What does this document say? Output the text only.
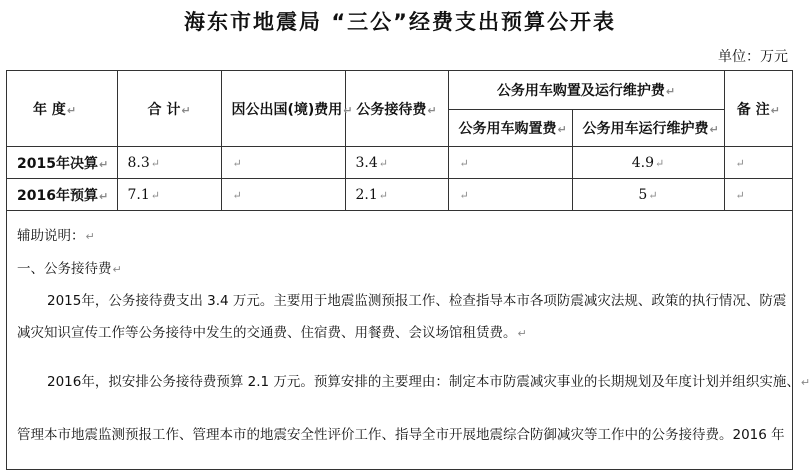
海东市地震局 “三公”经费支出预算公开表
单位：万元
年 度↵	合 计↵	因公出国(境)费用↵	公务接待费↵	公务用车购置及运行维护费↵		备 注↵
				公务用车购置费↵	公务用车运行维护费↵	
2015年决算↵	8.3↵	↵	3.4↵	↵	4.9↵	↵
2016年预算↵	7.1↵	↵	2.1↵	↵	5↵	↵

辅助说明：↵

一、公务接待费↵

2015年，公务接待费支出 3.4 万元。主要用于地震监测预报工作、检查指导本市各项防震减灾法规、政策的执行情况、防震

减灾知识宣传工作等公务接待中发生的交通费、住宿费、用餐费、会议场馆租赁费。↵

2016年，拟安排公务接待费预算 2.1 万元。预算安排的主要理由：制定本市防震减灾事业的长期规划及年度计划并组织实施、↵

管理本市地震监测预报工作、管理本市的地震安全性评价工作、指导全市开展地震综合防御减灾等工作中的公务接待费。2016 年
